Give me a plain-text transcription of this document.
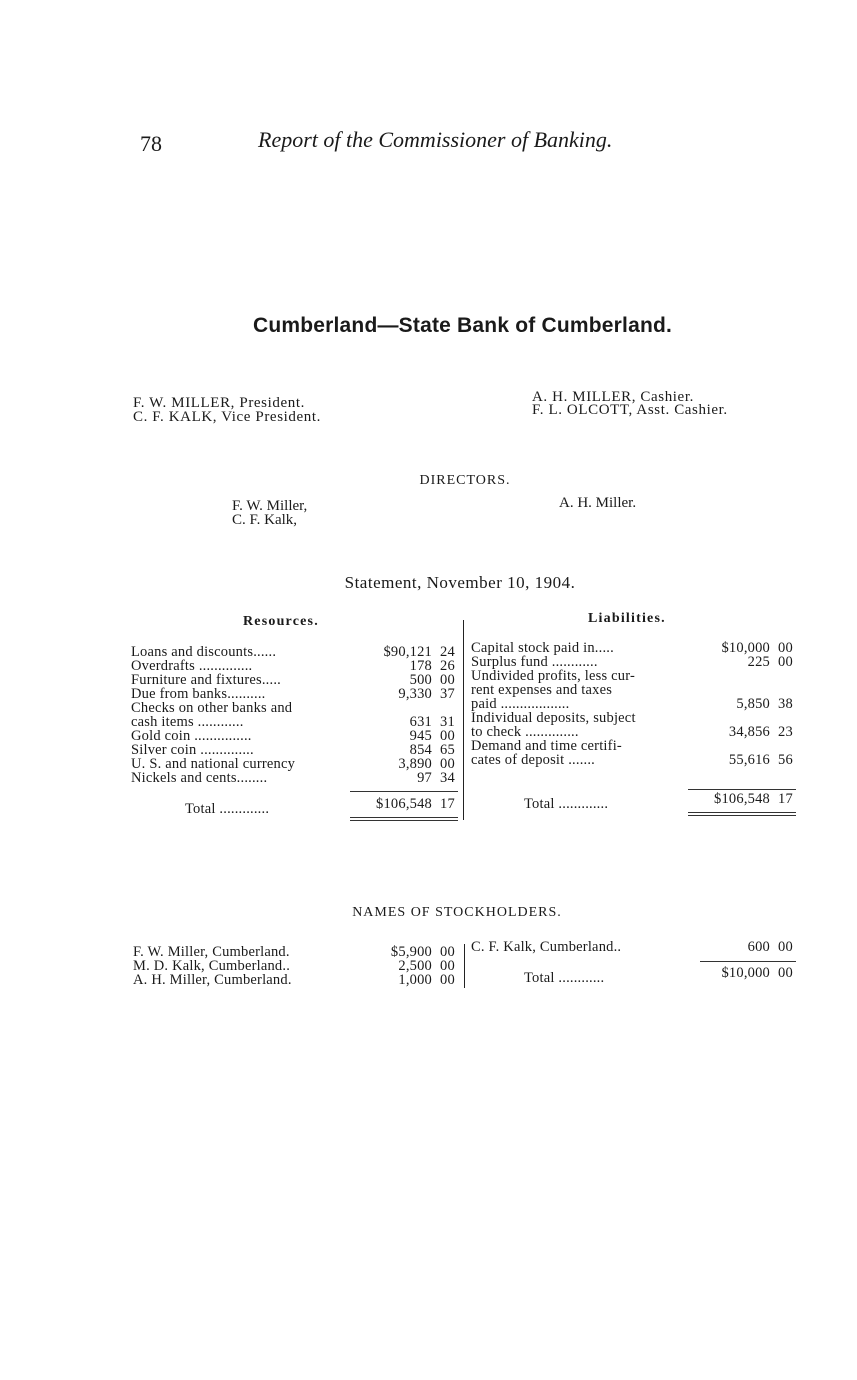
78	Report of the Commissioner of Banking.
Cumberland—State Bank of Cumberland.
F. W. MILLER, President.
C. F. KALK, Vice President.
A. H. MILLER, Cashier.
F. L. OLCOTT, Asst. Cashier.
DIRECTORS.
F. W. Miller,
C. F. Kalk,
A. H. Miller.
Statement, November 10, 1904.
Resources.	Liabilities.
Loans and discounts......	$90,121 24
Overdrafts ..............	178 26
Furniture and fixtures.....	500 00
Due from banks..........	9,330 37
Checks on other banks and
cash items ............	631 31
Gold coin ...............	945 00
Silver coin ..............	854 65
U. S. and national currency	3,890 00
Nickels and cents........	97 34
Capital stock paid in.....	$10,000 00
Surplus fund ............	225 00
Undivided profits, less cur-
rent expenses and taxes
paid ..................	5,850 38
Individual deposits, subject
to check ..............	34,856 23
Demand and time certifi-
cates of deposit .......	55,616 56
Total .............	$106,548 17	Total .............	$106,548 17
NAMES OF STOCKHOLDERS.
F. W. Miller, Cumberland.	$5,900 00
M. D. Kalk, Cumberland..	2,500 00
A. H. Miller, Cumberland.	1,000 00
C. F. Kalk, Cumberland..	600 00
Total ............	$10,000 00
